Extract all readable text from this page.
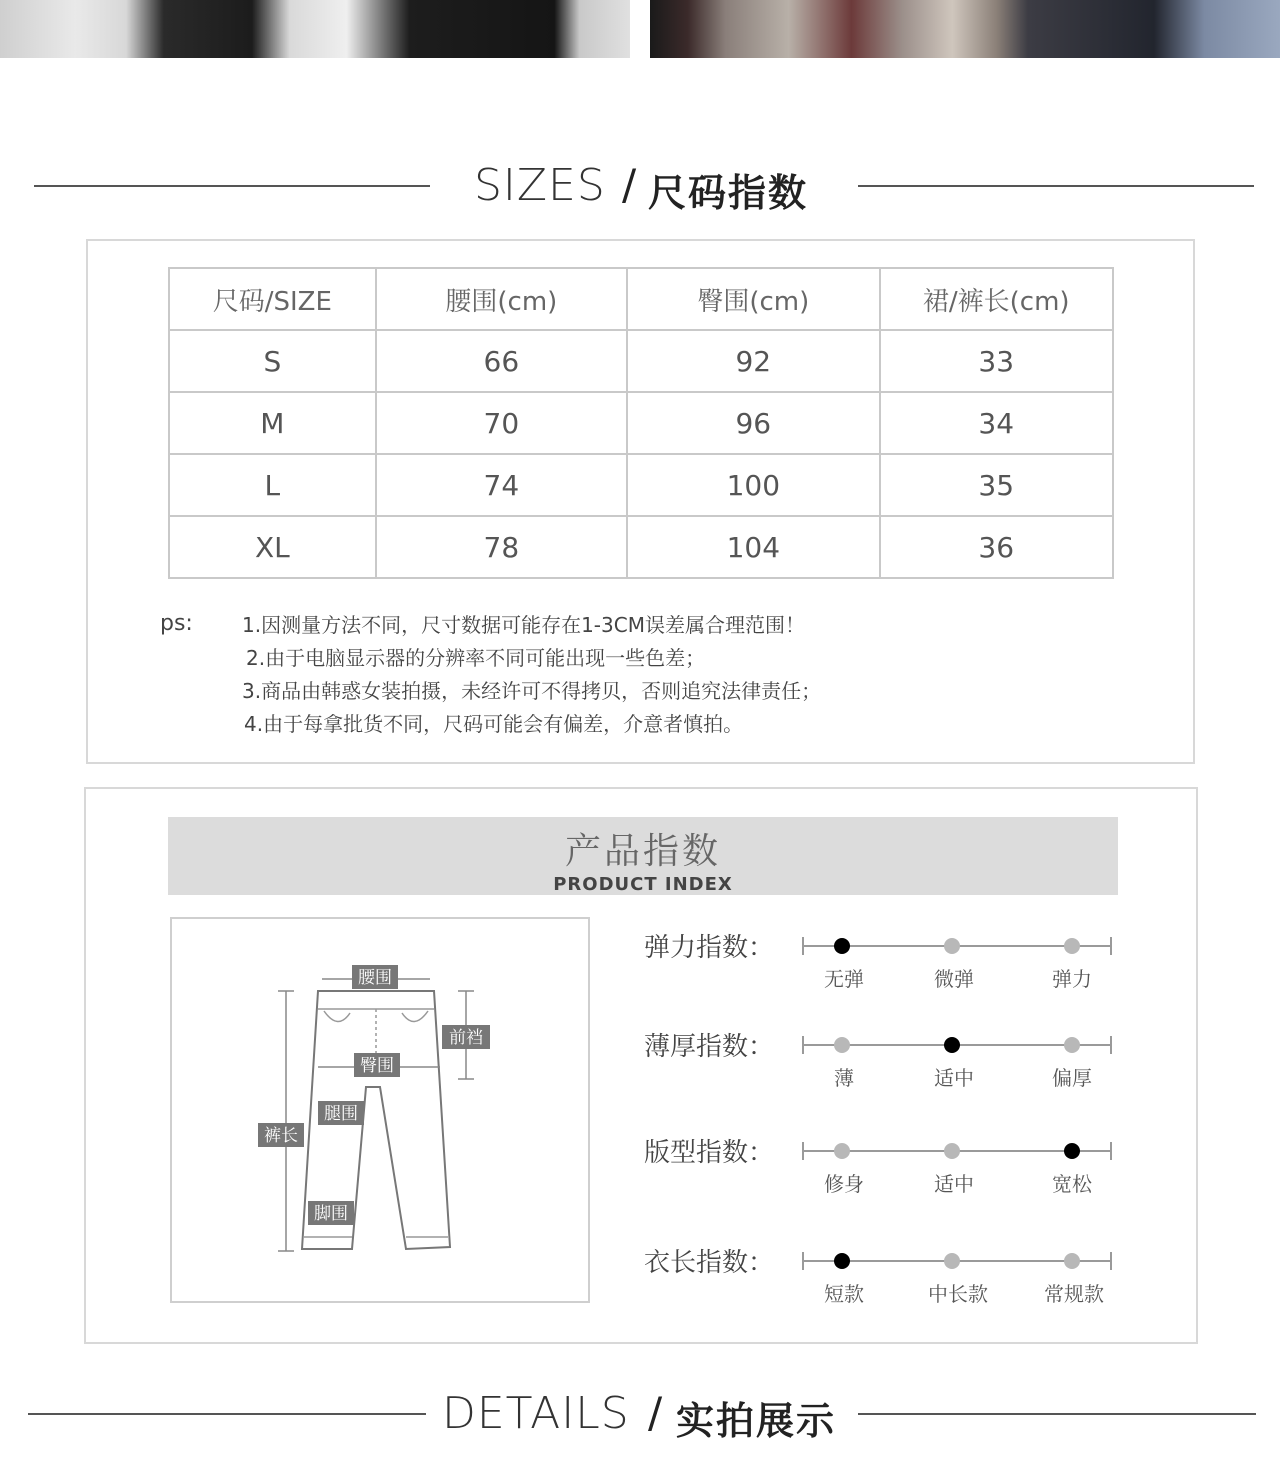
SIZES / 尺码指数
尺码/SIZE	腰围(cm)	臀围(cm)	裙/裤长(cm)
S	66	92	33
M	70	96	34
L	74	100	35
XL	78	104	36
ps: 1.因测量方法不同，尺寸数据可能存在1-3CM误差属合理范围！
2.由于电脑显示器的分辨率不同可能出现一些色差；
3.商品由韩惑女装拍摄，未经许可不得拷贝，否则追究法律责任；
4.由于每拿批货不同，尺码可能会有偏差，介意者慎拍。
产品指数
PRODUCT INDEX
腰围
前裆
臀围
腿围
裤长
脚围
弹力指数：
无弹	微弹	弹力
薄厚指数：
薄	适中	偏厚
版型指数：
修身	适中	宽松
衣长指数：
短款	中长款	常规款
DETAILS / 实拍展示
